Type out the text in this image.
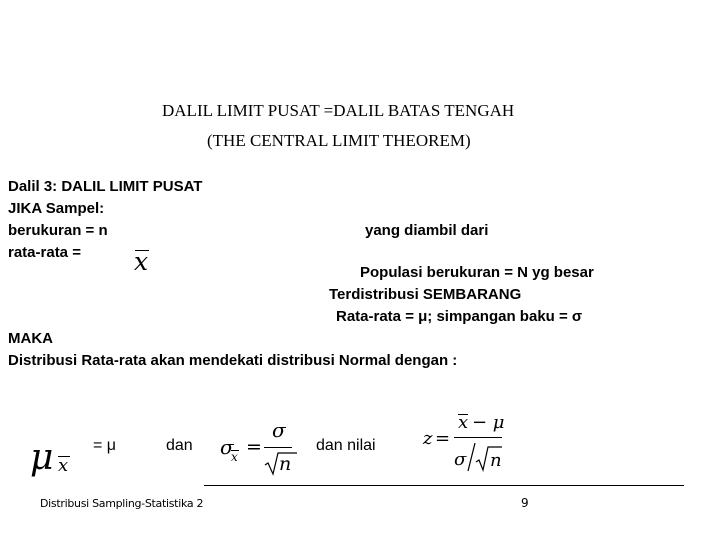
DALIL LIMIT PUSAT =DALIL BATAS TENGAH
(THE CENTRAL LIMIT THEOREM)
Dalil 3: DALIL LIMIT PUSAT
JIKA Sampel:
berukuran = n	yang diambil dari
rata-rata = x	Populasi berukuran = N yg besar
Terdistribusi SEMBARANG
Rata-rata = μ; simpangan baku = σ
MAKA
Distribusi Rata-rata akan mendekati distribusi Normal dengan :
μ x
= μ	dan σ
x =
σ
n
dan nilai	z =
x − μ
σ n
Distribusi Sampling-Statistika 2	9
